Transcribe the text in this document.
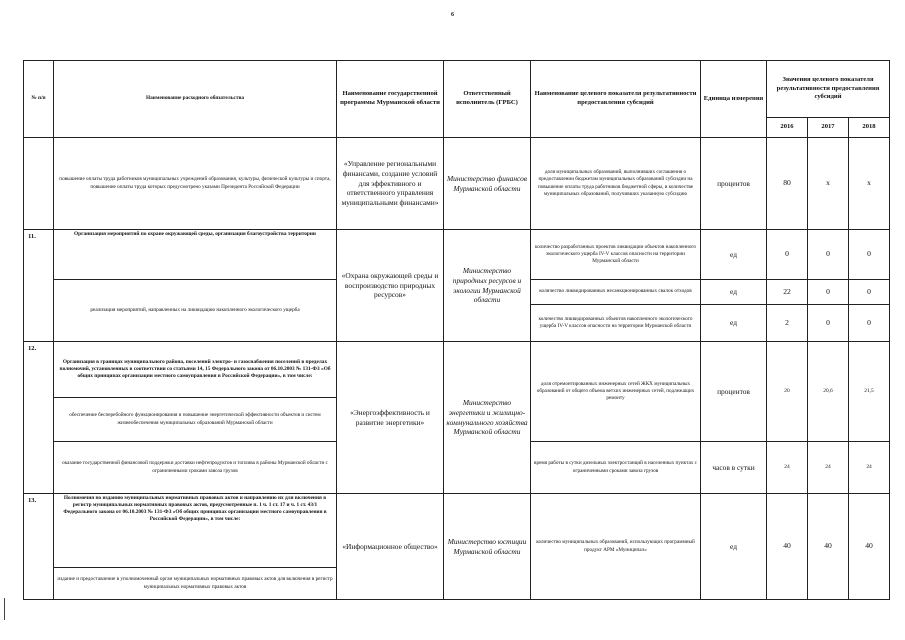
6
№ п/п	Наименование расходного обязательства	Наименование государственной программы Мурманской области	Ответственный исполнитель (ГРБС)	Наименование целевого показателя результативности предоставления субсидий	Единица измерения	Значения целевого показателя результативности предоставления субсидий		
						2016	2017	2018
	повышение оплаты труда работников муниципальных учреждений образования, культуры, физической культуры и спорта, повышение оплаты труда которых предусмотрено указами Президента Российской Федерации	«Управление региональными финансами, создание условий для эффективного и ответственного управления муниципальными финансами»	Министерство финансов Мурманской области	доля муниципальных образований, выполнивших соглашения о предоставлении бюджетам муниципальных образований субсидии на повышение оплаты труда работников бюджетной сферы, в количестве муниципальных образований, получивших указанную субсидию	процентов	80	x	x
11.	Организация мероприятий по охране окружающей среды, организация благоустройства территории	«Охрана окружающей среды и воспроизводство природных ресурсов»	Министерство природных ресурсов и экологии Мурманской области	количество разработанных проектов ликвидации объектов накопленного экологического ущерба IV-V классов опасности на территории Мурманской области	ед	0	0	0
	реализация мероприятий, направленных на ликвидацию накопленного экологического ущерба			количество ликвидированных несанкционированных свалок отходов	ед	22	0	0
				количество ликвидированных объектов накопленного экологического ущерба IV-V классов опасности на территории Мурманской области	ед	2	0	0
12.	Организация в границах муниципального района, поселений электро- и газоснабжения поселений в пределах полномочий, установленных в соответствии со статьями 14, 15 Федерального закона от 06.10.2003 № 131-ФЗ «Об общих принципах организации местного самоуправления в Российской Федерации», в том числе:	«Энергоэффективность и развитие энергетики»	Министерство энергетики и жилищно-коммунального хозяйства Мурманской области	доля отремонтированных инженерных сетей ЖКХ муниципальных образований от общего объема ветхих инженерных сетей, подлежащих ремонту	процентов	20	20,6	21,5
	обеспечение бесперебойного функционирования и повышение энергетической эффективности объектов и систем жизнеобеспечения муниципальных образований Мурманской области							
	оказание государственной финансовой поддержки доставки нефтепродуктов и топлива в районы Мурманской области с ограниченными сроками завоза грузов			время работы в сутки дизельных электростанций в населенных пунктах с ограниченными сроками завоза грузов	часов в сутки	24	24	24
13.	Полномочия по изданию муниципальных нормативных правовых актов и направлению их для включения в регистр муниципальных нормативных правовых актов, предусмотренные п. 1 ч. 1 ст. 17 и ч. 1 ст. 43/1 Федерального закона от 06.10.2003 № 131-ФЗ «Об общих принципах организации местного самоуправления в Российской Федерации», в том числе:	«Информационное общество»	Министерство юстиции Мурманской области	количество муниципальных образований, использующих программный продукт АРМ «Муниципал»	ед	40	40	40
	издание и предоставление в уполномоченный орган муниципальных нормативных правовых актов для включения в регистр муниципальных нормативных правовых актов							
